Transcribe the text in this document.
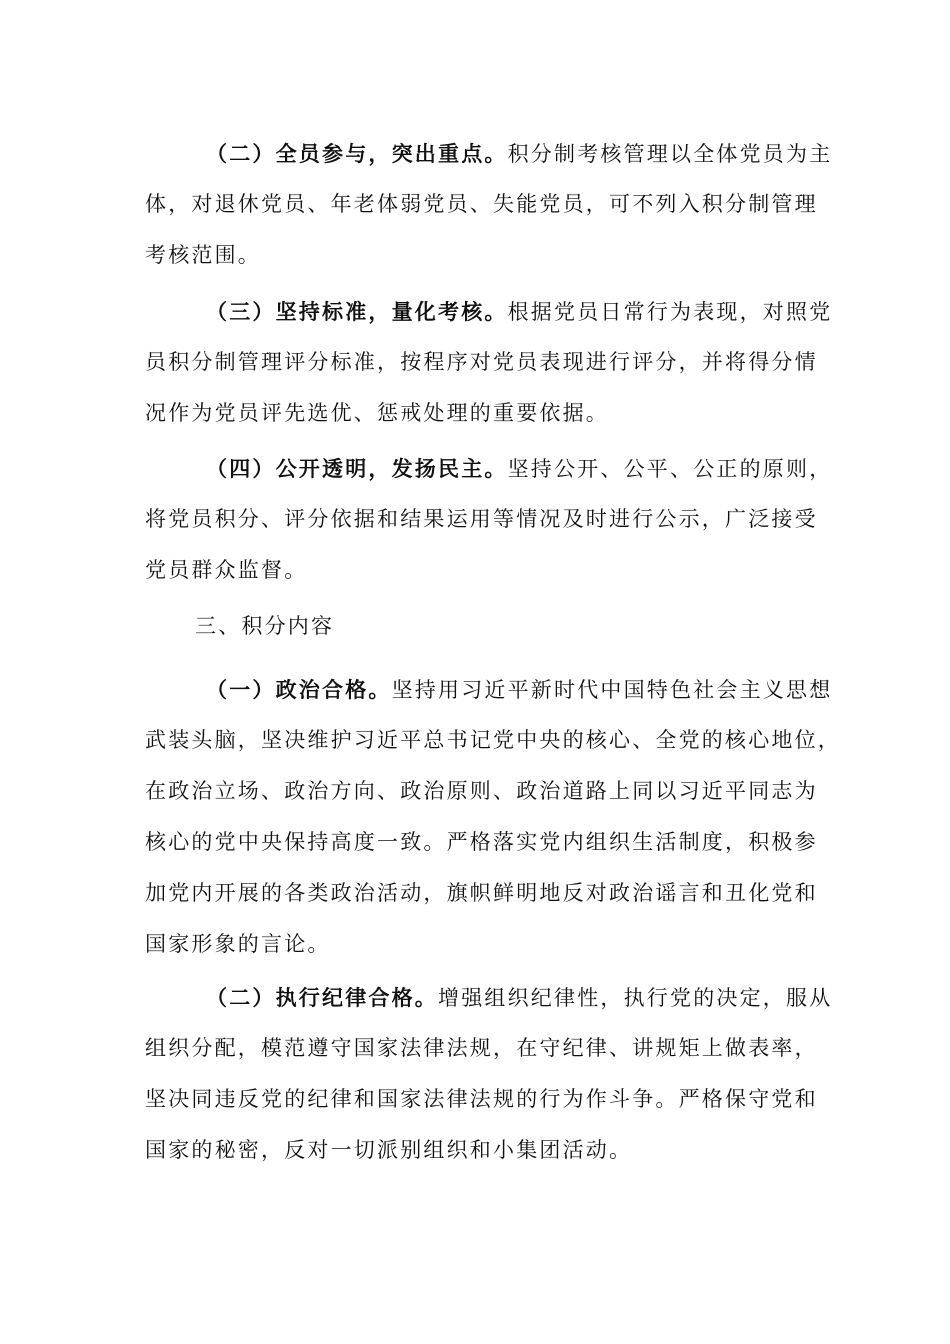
（二）全员参与，突出重点。积分制考核管理以全体党员为主
体，对退休党员、年老体弱党员、失能党员，可不列入积分制管理
考核范围。
（三）坚持标准，量化考核。根据党员日常行为表现，对照党
员积分制管理评分标准，按程序对党员表现进行评分，并将得分情
况作为党员评先选优、惩戒处理的重要依据。
（四）公开透明，发扬民主。坚持公开、公平、公正的原则，
将党员积分、评分依据和结果运用等情况及时进行公示，广泛接受
党员群众监督。
三、积分内容
（一）政治合格。坚持用习近平新时代中国特色社会主义思想
武装头脑，坚决维护习近平总书记党中央的核心、全党的核心地位，
在政治立场、政治方向、政治原则、政治道路上同以习近平同志为
核心的党中央保持高度一致。严格落实党内组织生活制度，积极参
加党内开展的各类政治活动，旗帜鲜明地反对政治谣言和丑化党和
国家形象的言论。
（二）执行纪律合格。增强组织纪律性，执行党的决定，服从
组织分配，模范遵守国家法律法规，在守纪律、讲规矩上做表率，
坚决同违反党的纪律和国家法律法规的行为作斗争。严格保守党和
国家的秘密，反对一切派别组织和小集团活动。
